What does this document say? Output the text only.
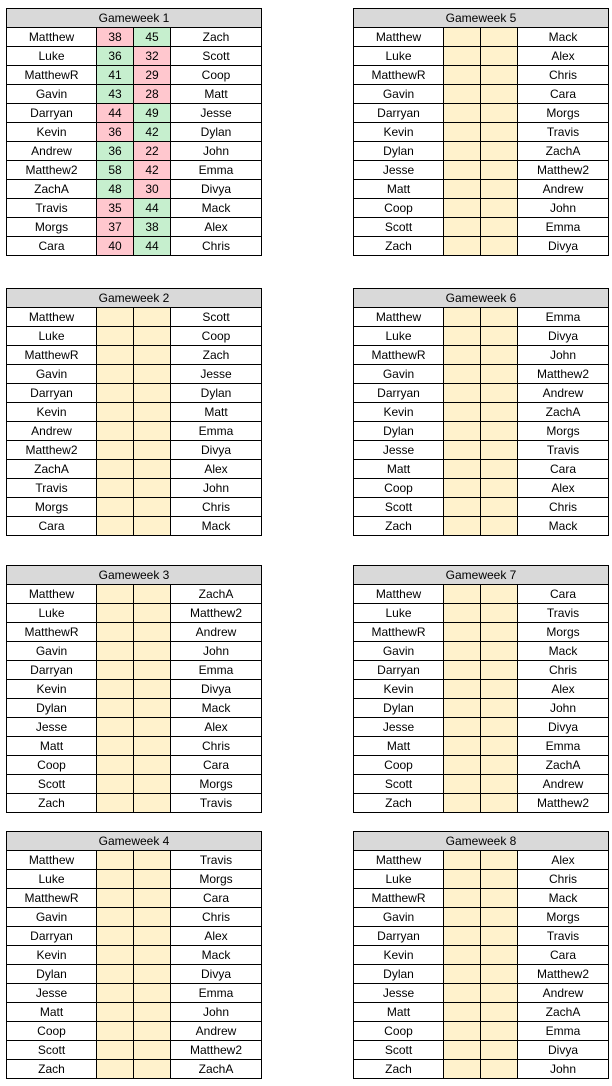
Gameweek 1			
Matthew	38	45	Zach
Luke	36	32	Scott
MatthewR	41	29	Coop
Gavin	43	28	Matt
Darryan	44	49	Jesse
Kevin	36	42	Dylan
Andrew	36	22	John
Matthew2	58	42	Emma
ZachA	48	30	Divya
Travis	35	44	Mack
Morgs	37	38	Alex
Cara	40	44	Chris
Gameweek 2			
Matthew			Scott
Luke			Coop
MatthewR			Zach
Gavin			Jesse
Darryan			Dylan
Kevin			Matt
Andrew			Emma
Matthew2			Divya
ZachA			Alex
Travis			John
Morgs			Chris
Cara			Mack
Gameweek 3			
Matthew			ZachA
Luke			Matthew2
MatthewR			Andrew
Gavin			John
Darryan			Emma
Kevin			Divya
Dylan			Mack
Jesse			Alex
Matt			Chris
Coop			Cara
Scott			Morgs
Zach			Travis
Gameweek 4			
Matthew			Travis
Luke			Morgs
MatthewR			Cara
Gavin			Chris
Darryan			Alex
Kevin			Mack
Dylan			Divya
Jesse			Emma
Matt			John
Coop			Andrew
Scott			Matthew2
Zach			ZachA
Gameweek 5			
Matthew			Mack
Luke			Alex
MatthewR			Chris
Gavin			Cara
Darryan			Morgs
Kevin			Travis
Dylan			ZachA
Jesse			Matthew2
Matt			Andrew
Coop			John
Scott			Emma
Zach			Divya
Gameweek 6			
Matthew			Emma
Luke			Divya
MatthewR			John
Gavin			Matthew2
Darryan			Andrew
Kevin			ZachA
Dylan			Morgs
Jesse			Travis
Matt			Cara
Coop			Alex
Scott			Chris
Zach			Mack
Gameweek 7			
Matthew			Cara
Luke			Travis
MatthewR			Morgs
Gavin			Mack
Darryan			Chris
Kevin			Alex
Dylan			John
Jesse			Divya
Matt			Emma
Coop			ZachA
Scott			Andrew
Zach			Matthew2
Gameweek 8			
Matthew			Alex
Luke			Chris
MatthewR			Mack
Gavin			Morgs
Darryan			Travis
Kevin			Cara
Dylan			Matthew2
Jesse			Andrew
Matt			ZachA
Coop			Emma
Scott			Divya
Zach			John
